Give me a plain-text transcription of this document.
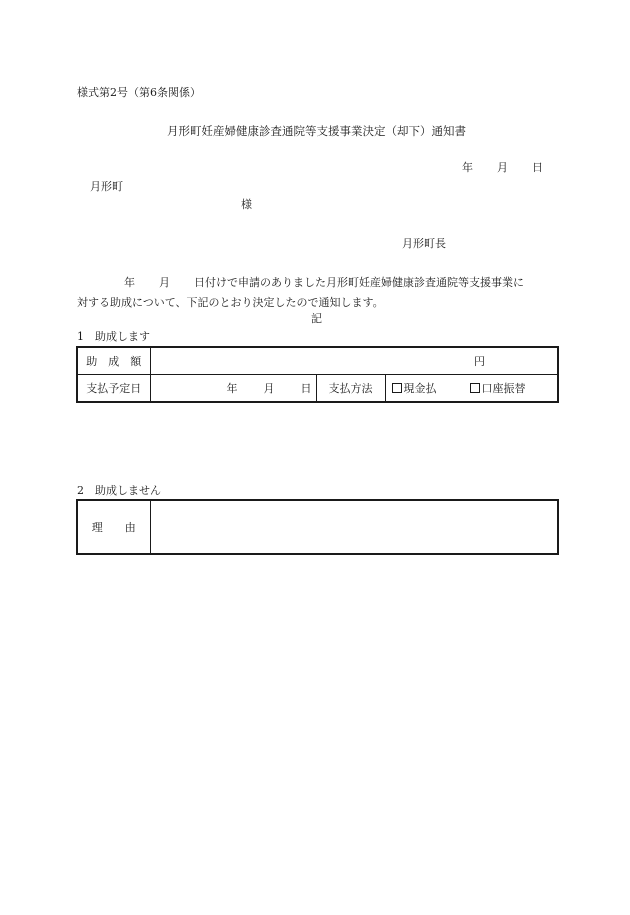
様式第2号（第6条関係）
月形町妊産婦健康診査通院等支援事業決定（却下）通知書
年 月 日
月形町
様
月形町長
年 月 日付けで申請のありました月形町妊産婦健康診査通院等支援事業に
対する助成について、下記のとおり決定したので通知します。
記
1　助成します
助　成　額	円		
支払予定日	年 月 日	支払方法	現金払 口座振替
2　助成しません
理　　由	
